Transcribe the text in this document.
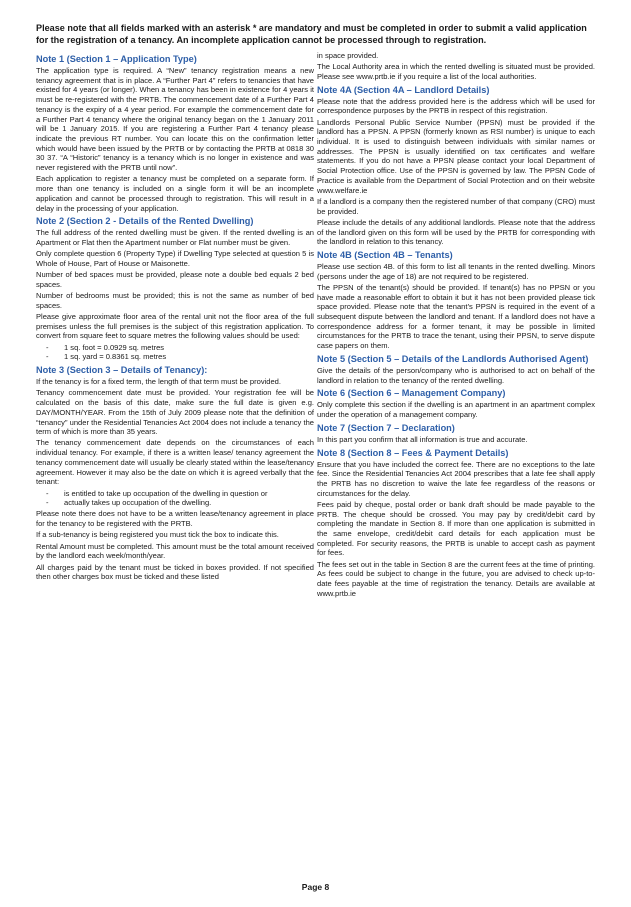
Please note that all fields marked with an asterisk * are mandatory and must be completed in order to submit a valid application for the registration of a tenancy. An incomplete application cannot be processed through to registration.

Note 1 (Section 1 – Application Type)

The application type is required. A “New” tenancy registration means a new tenancy agreement that is in place. A “Further Part 4” refers to tenancies that have existed for 4 years (or longer). When a tenancy has been in existence for 4 years it must be re-registered with the PRTB. The commencement date of a Further Part 4 tenancy is the expiry of a 4 year period. For example the commencement date for a Further Part 4 tenancy where the original tenancy began on the 1 January 2011 will be 1 January 2015. If you are registering a Further Part 4 tenancy please indicate the previous RT number. You can locate this on the confirmation letter which would have been issued by the PRTB or by contacting the PRTB at 0818 30 30 37. “A “Historic” tenancy is a tenancy which is no longer in existence and was never registered with the PRTB until now”.

Each application to register a tenancy must be completed on a separate form. If more than one tenancy is included on a single form it will be an incomplete application and cannot be processed through to registration. This will result in a delay in the processing of your application.

Note 2 (Section 2 - Details of the Rented Dwelling)

The full address of the rented dwelling must be given. If the rented dwelling is an Apartment or Flat then the Apartment number or Flat number must be given.

Only complete question 6 (Property Type) if Dwelling Type selected at question 5 is Whole of House, Part of House or Maisonette.

Number of bed spaces must be provided, please note a double bed equals 2 bed spaces.

Number of bedrooms must be provided; this is not the same as number of bed spaces.

Please give approximate floor area of the rental unit not the floor area of the full premises unless the full premises is the subject of this registration application. To convert from square feet to square metres the following values should be used:

- 1 sq. foot = 0.0929 sq. metres
- 1 sq. yard = 0.8361 sq. metres
Note 3 (Section 3 – Details of Tenancy):

If the tenancy is for a fixed term, the length of that term must be provided.

Tenancy commencement date must be provided. Your registration fee will be calculated on the basis of this date, make sure the full date is given e.g. DAY/MONTH/YEAR. From the 15th of July 2009 please note that the definition of “tenancy” under the Residential Tenancies Act 2004 does not include a tenancy the term of which is more than 35 years.

The tenancy commencement date depends on the circumstances of each individual tenancy. For example, if there is a written lease/ tenancy agreement the tenancy commencement date will usually be clearly stated within the lease/tenancy agreement. However it may also be the date on which it is agreed verbally that the tenant:

- is entitled to take up occupation of the dwelling in question or
- actually takes up occupation of the dwelling.

Please note there does not have to be a written lease/tenancy agreement in place for the tenancy to be registered with the PRTB.

If a sub-tenancy is being registered you must tick the box to indicate this.

Rental Amount must be completed. This amount must be the total amount received by the landlord each week/month/year.

All charges paid by the tenant must be ticked in boxes provided. If not specified then other charges box must be ticked and these listed

in space provided.

The Local Authority area in which the rented dwelling is situated must be provided. Please see www.prtb.ie if you require a list of the local authorities.

Note 4A (Section 4A – Landlord Details)

Please note that the address provided here is the address which will be used for correspondence purposes by the PRTB in respect of this registration.

Landlords Personal Public Service Number (PPSN) must be provided if the landlord has a PPSN. A PPSN (formerly known as RSI number) is unique to each individual. It is used to distinguish between individuals with similar names or addresses. The PPSN is usually identified on tax certificates and welfare statements. If you do not have a PPSN please contact your local Department of Social Protection office. Use of the PPSN is governed by law. The PPSN Code of Practice is available from the Department of Social Protection and on their website www.welfare.ie

If a landlord is a company then the registered number of that company (CRO) must be provided.

Please include the details of any additional landlords. Please note that the address of the landlord given on this form will be used by the PRTB for corresponding with the landlord in relation to this tenancy.

Note 4B (Section 4B – Tenants)

Please use section 4B. of this form to list all tenants in the rented dwelling. Minors (persons under the age of 18) are not required to be registered.

The PPSN of the tenant(s) should be provided. If tenant(s) has no PPSN or you have made a reasonable effort to obtain it but it has not been provided please tick space provided. Please note that the tenant’s PPSN is required in the event of a subsequent dispute between the landlord and tenant. If a landlord does not have a correspondence address for a former tenant, it may be possible in limited circumstances for the PRTB to trace the tenant, using their PPSN, to serve dispute case papers on them.

Note 5 (Section 5 – Details of the Landlords Authorised Agent)

Give the details of the person/company who is authorised to act on behalf of the landlord in relation to the tenancy of the rented dwelling.

Note 6 (Section 6 – Management Company)

Only complete this section if the dwelling is an apartment in an apartment complex under the operation of a management company.

Note 7 (Section 7 – Declaration)

In this part you confirm that all information is true and accurate.

Note 8 (Section 8 – Fees & Payment Details)

Ensure that you have included the correct fee. There are no exceptions to the late fee. Since the Residential Tenancies Act 2004 prescribes that a late fee shall apply the PRTB has no discretion to waive the late fee regardless of the reasons or circumstances for the delay.

Fees paid by cheque, postal order or bank draft should be made payable to the PRTB. The cheque should be crossed. You may pay by credit/debit card by completing the mandate in Section 8. If more than one application is submitted in the same envelope, credit/debit card details for each application must be completed. For security reasons, the PRTB is unable to accept cash as payment for fees.

The fees set out in the table in Section 8 are the current fees at the time of printing. As fees could be subject to change in the future, you are advised to check up-to-date fees payable at the time of registration the tenancy. Details are available at www.prtb.ie

Page 8
